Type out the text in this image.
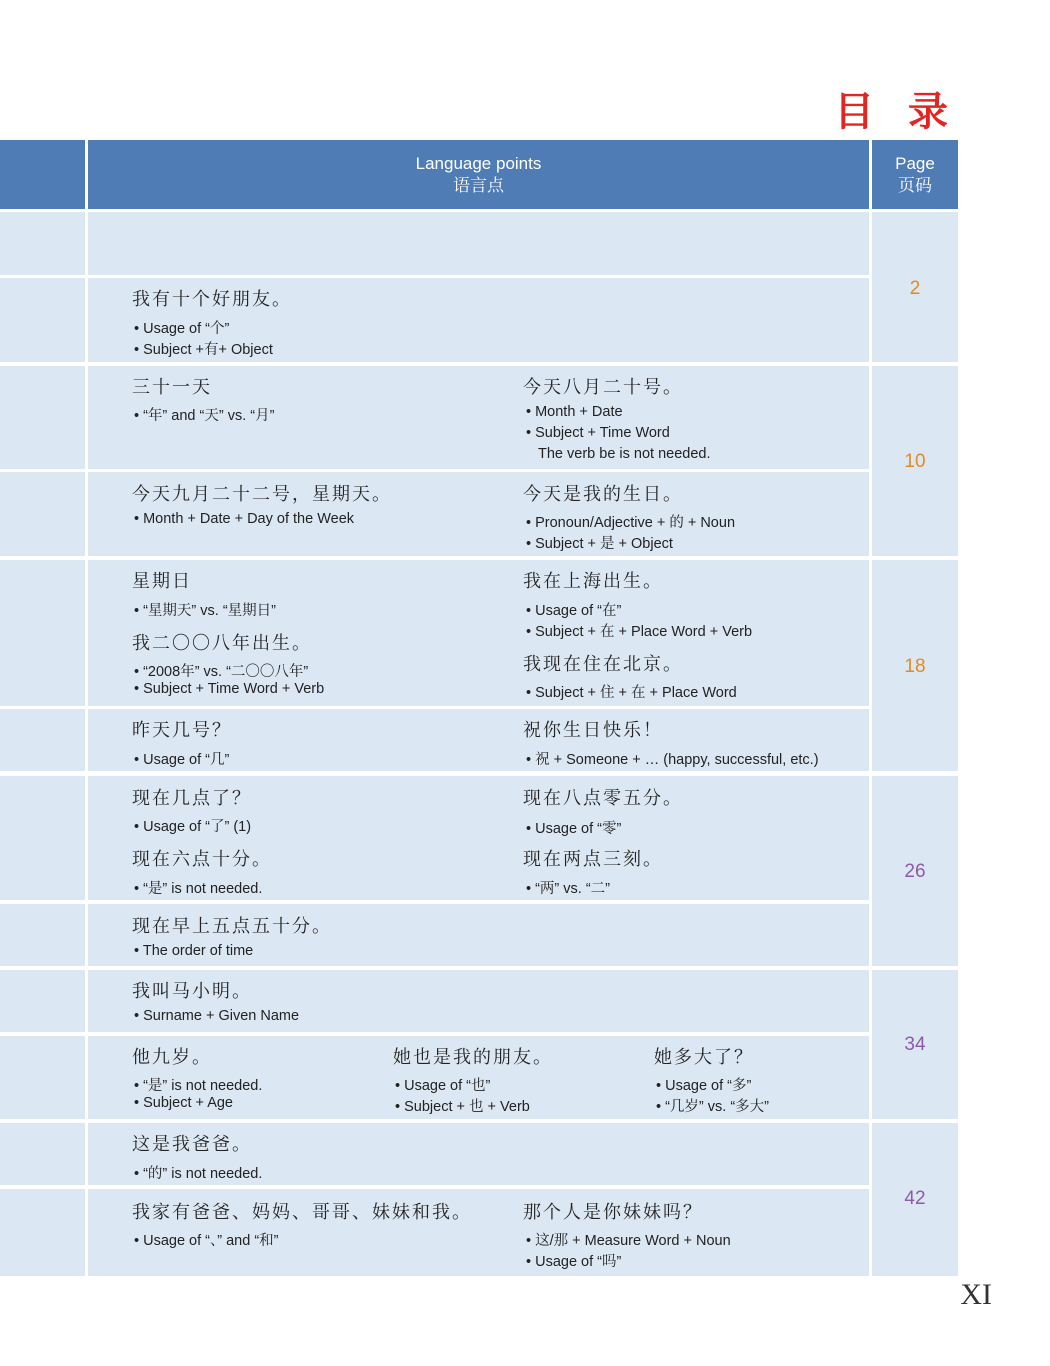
目 录
Language points
语言点
Page
页码
2
10
18
26
34
42
我有十个好朋友。
• Usage of “个”
• Subject +有+ Object
三十一天
• “年” and “天” vs. “月”
今天八月二十号。
• Month + Date
• Subject + Time Word
The verb be is not needed.
今天九月二十二号，星期天。
• Month + Date + Day of the Week
今天是我的生日。
• Pronoun/Adjective + 的 + Noun
• Subject + 是 + Object
星期日
• “星期天” vs. “星期日”
我二〇〇八年出生。
• “2008年” vs. “二〇〇八年”
• Subject + Time Word + Verb
我在上海出生。
• Usage of “在”
• Subject + 在 + Place Word + Verb
我现在住在北京。
• Subject + 住 + 在 + Place Word
昨天几号？
• Usage of “几”
祝你生日快乐！
• 祝 + Someone + … (happy, successful, etc.)
现在几点了？
• Usage of “了” (1)
现在六点十分。
• “是” is not needed.
现在八点零五分。
• Usage of “零”
现在两点三刻。
• “两” vs. “二”
现在早上五点五十分。
• The order of time
我叫马小明。
• Surname + Given Name
他九岁。
• “是” is not needed.
• Subject + Age
她也是我的朋友。
• Usage of “也”
• Subject + 也 + Verb
她多大了？
• Usage of “多”
• “几岁” vs. “多大”
这是我爸爸。
• “的” is not needed.
我家有爸爸、妈妈、哥哥、妹妹和我。
• Usage of “、” and “和”
那个人是你妹妹吗？
• 这/那 + Measure Word + Noun
• Usage of “吗”
XI
